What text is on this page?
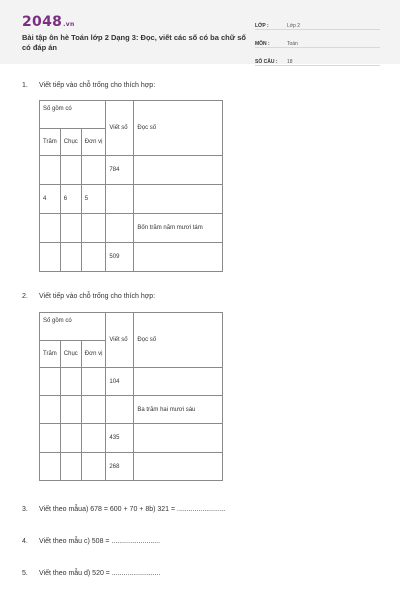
2048.vn
Bài tập ôn hè Toán lớp 2 Dạng 3: Đọc, viết các số có ba chữ số có đáp án
LỚP :	Lớp 2
MÔN :	Toán
SỐ CÂU :	18
1. Viết tiếp vào chỗ trống cho thích hợp:
Số gồm có			Viết số	Đọc số
Trăm	Chục	Đơn vị		
			784	
4	6	5		
				Bốn trăm năm mươi tám
			509	
2. Viết tiếp vào chỗ trống cho thích hợp:
Số gồm có			Viết số	Đọc số
Trăm	Chục	Đơn vị		
			104	
				Ba trăm hai mươi sáu
			435	
			268	
3. Viết theo mẫua) 678 = 600 + 70 + 8b) 321 = .........................
4. Viết theo mẫu c) 508 = .........................
5. Viết theo mẫu d) 520 = .........................
